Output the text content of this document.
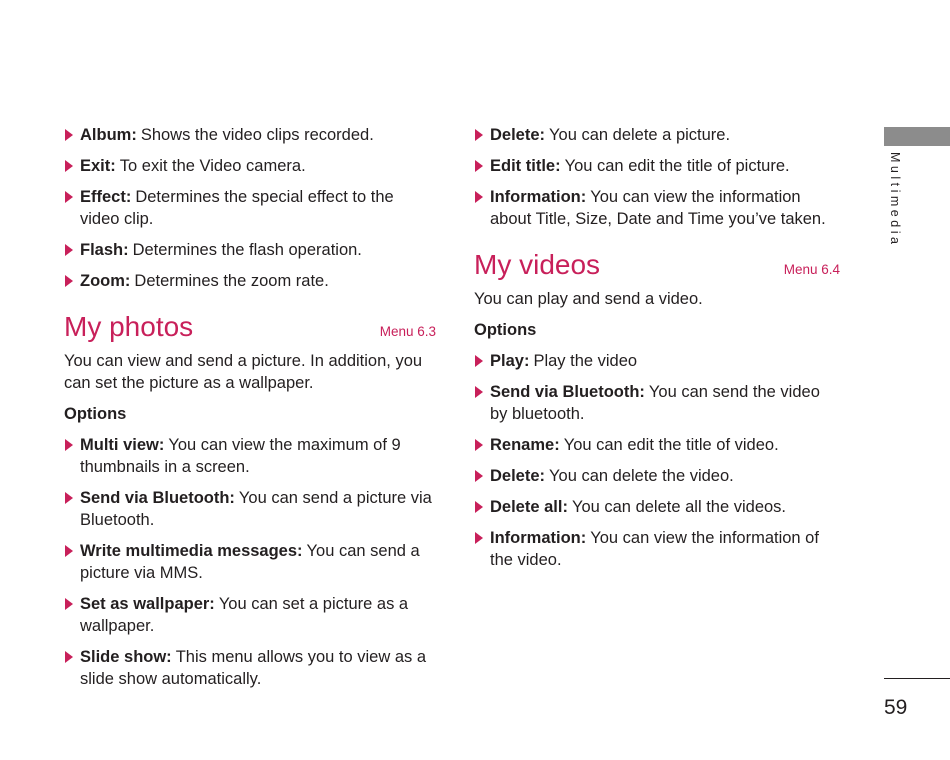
Album: Shows the video clips recorded.
Exit: To exit the Video camera.
Effect: Determines the special effect to the video clip.
Flash: Determines the flash operation.
Zoom: Determines the zoom rate.
My photos	Menu 6.3
You can view and send a picture. In addition, you can set the picture as a wallpaper.
Options
Multi view: You can view the maximum of 9 thumbnails in a screen.
Send via Bluetooth: You can send a picture via Bluetooth.
Write multimedia messages: You can send a picture via MMS.
Set as wallpaper: You can set a picture as a wallpaper.
Slide show: This menu allows you to view as a slide show automatically.
Delete: You can delete a picture.
Edit title: You can edit the title of picture.
Information: You can view the information about Title, Size, Date and Time you’ve taken.
My videos	Menu 6.4
You can play and send a video.
Options
Play: Play the video
Send via Bluetooth: You can send the video by bluetooth.
Rename: You can edit the title of video.
Delete: You can delete the video.
Delete all: You can delete all the videos.
Information: You can view the information of the video.
Multimedia
59
